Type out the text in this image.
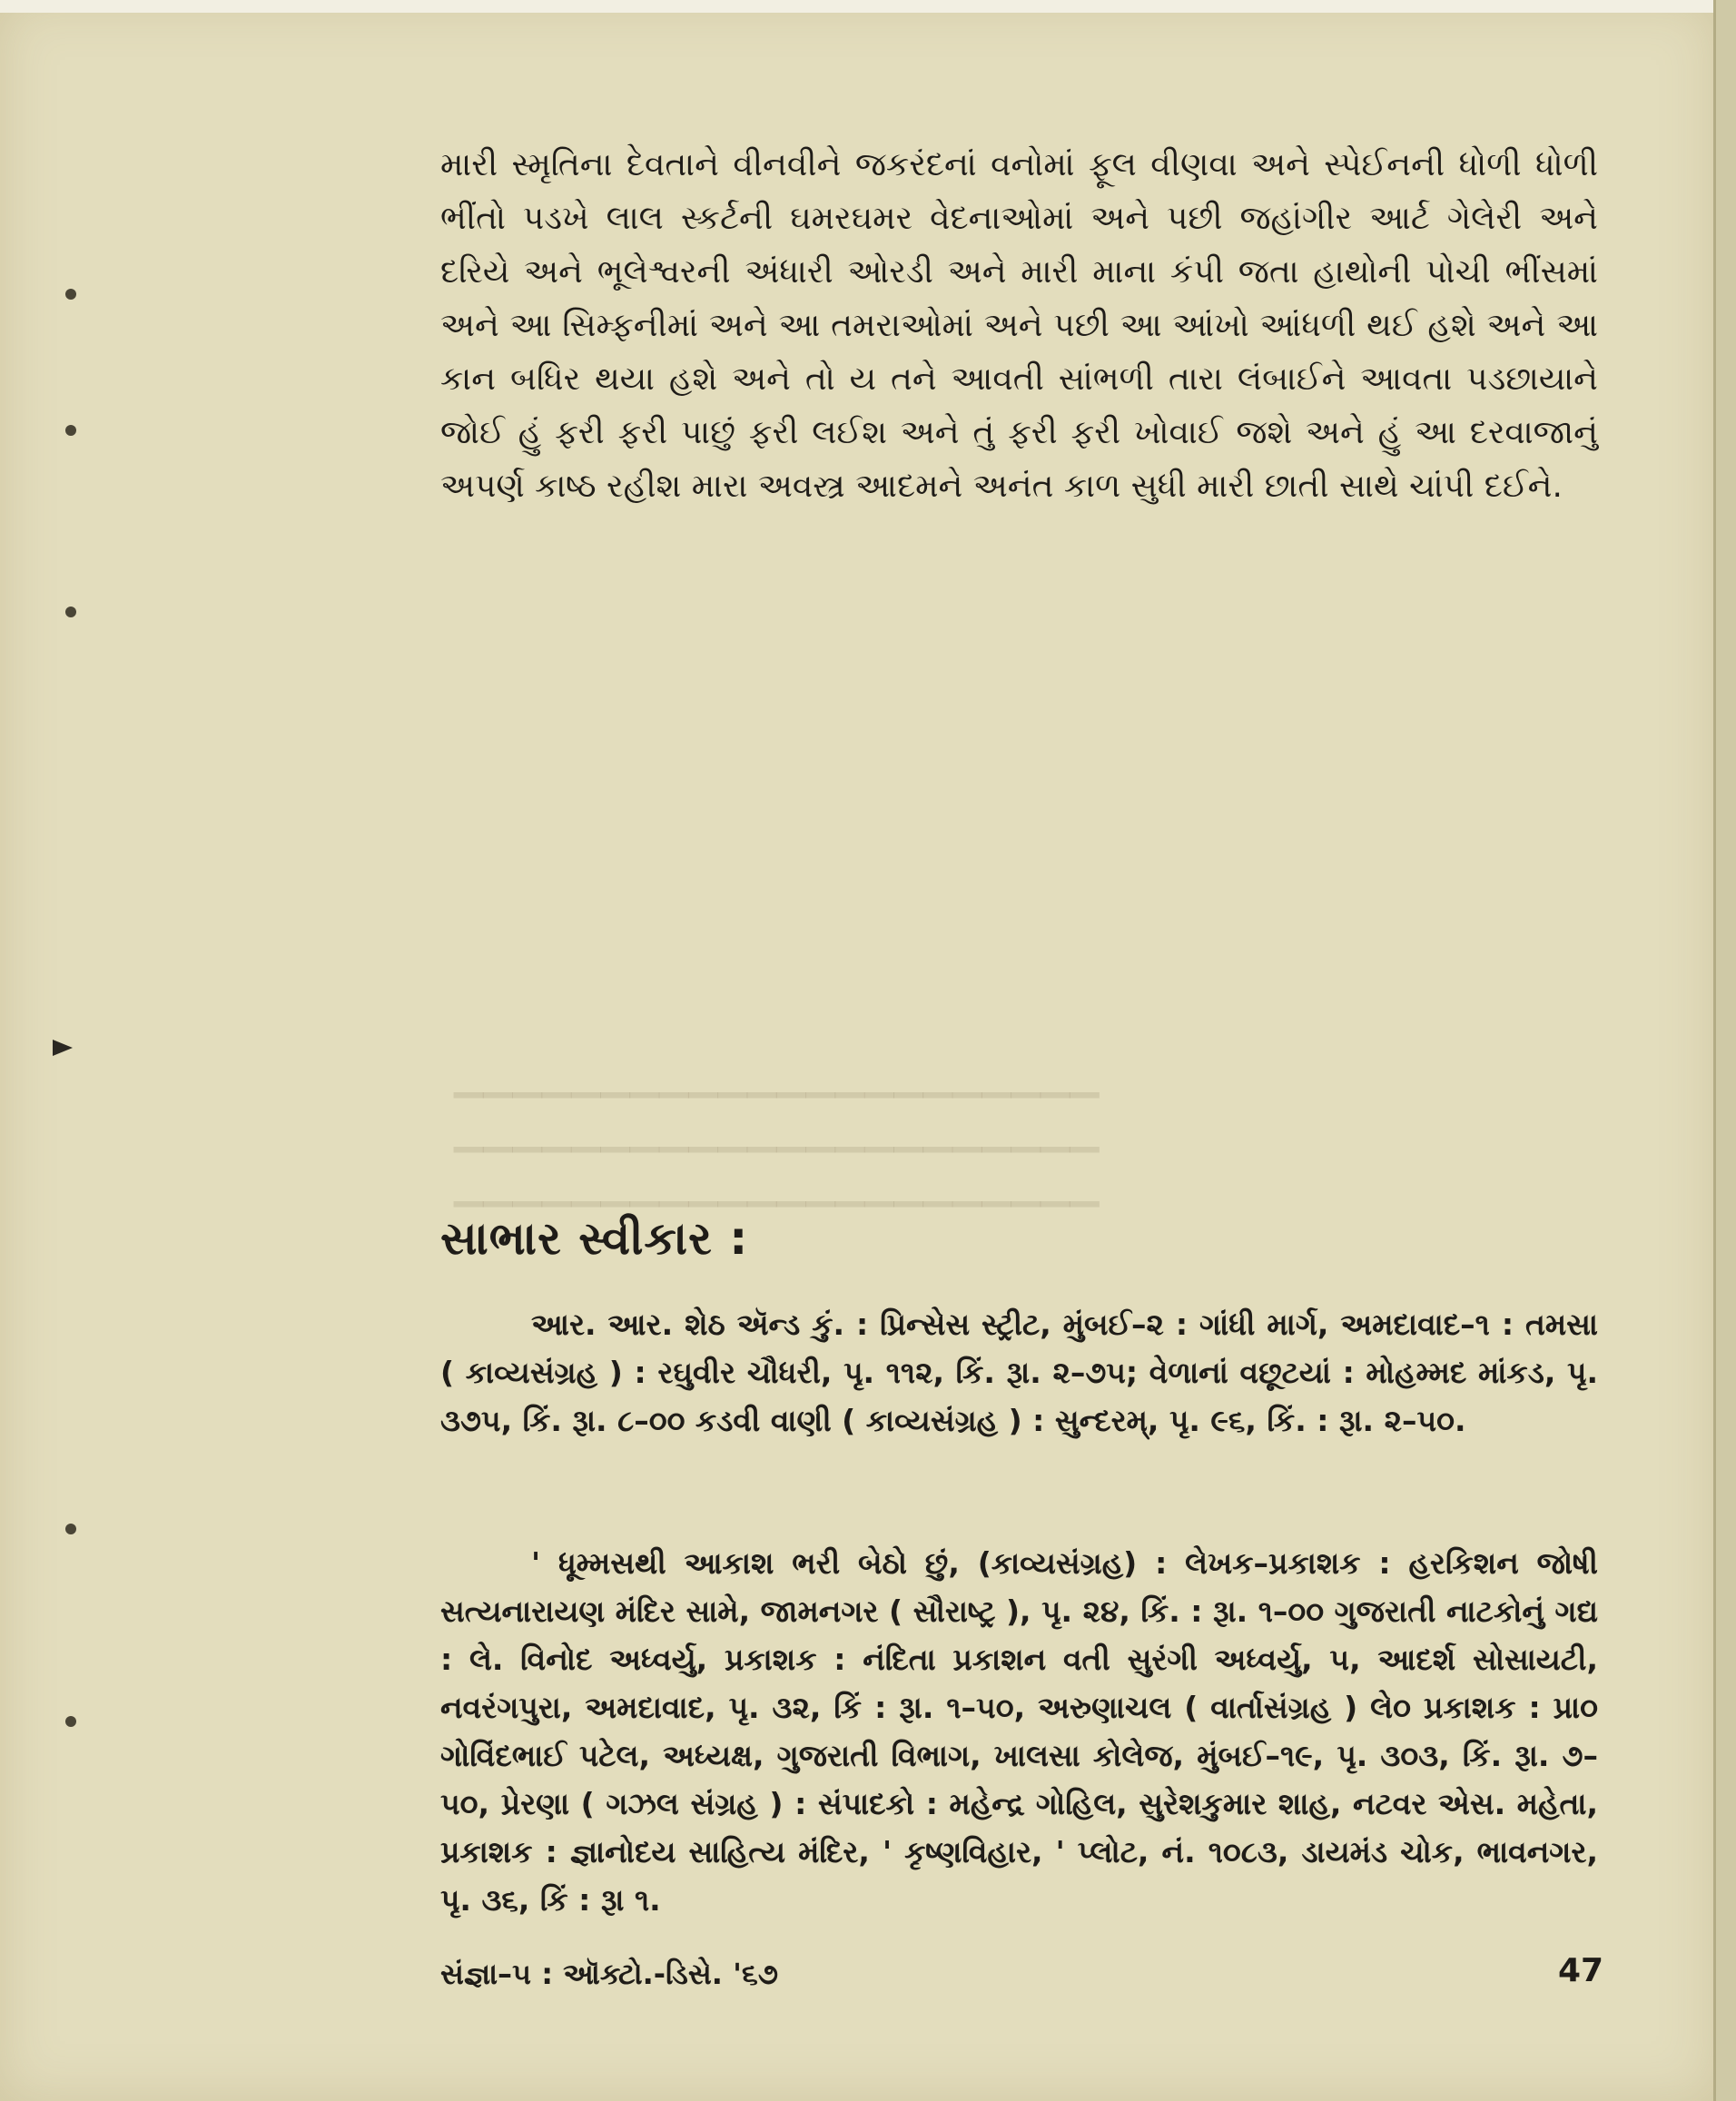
▁▁▁▁▁▁▁▁▁▁▁▁▁▁▁▁▁▁▁▁▁▁
▁▁▁▁▁▁▁▁▁▁▁▁▁▁▁▁▁▁▁▁▁▁
▁▁▁▁▁▁▁▁▁▁▁▁▁▁▁▁▁▁▁▁▁▁

મારી સ્મૃતિના દેવતાને વીનવીને જકરંદનાં વનોમાં ફૂલ વીણવા અને સ્પેઈનની ધોળી ધોળી ભીંતો પડખે લાલ સ્કર્ટની ઘમરઘમર વેદનાઓમાં અને પછી જહાંગીર આર્ટ ગેલેરી અને દરિયે અને ભૂલેશ્વરની અંધારી ઓરડી અને મારી માના કંપી જતા હાથોની પોચી ભીંસમાં અને આ સિમ્ફનીમાં અને આ તમરાઓમાં અને પછી આ આંખો આંધળી થઈ હશે અને આ કાન બધિર થયા હશે અને તો ય તને આવતી સાંભળી તારા લંબાઈને આવતા પડછાયાને જોઈ હું ફરી ફરી પાછું ફરી લઈશ અને તું ફરી ફરી ખોવાઈ જશે અને હું આ દરવાજાનું અપર્ણ કાષ્ઠ રહીશ મારા અવસ્ત્ર આદમને અનંત કાળ સુધી મારી છાતી સાથે ચાંપી દઈને.

સાભાર સ્વીકાર :

આર. આર. શેઠ ઍન્ડ કું. : પ્રિન્સેસ સ્ટ્રીટ, મુંબઈ–૨ : ગાંધી માર્ગ, અમદાવાદ–૧ : તમસા ( કાવ્યસંગ્રહ ) : રઘુવીર ચૌધરી, પૃ. ૧૧૨, કિં. રૂા. ૨–૭૫; વેળાનાં વછૂટયાં : મોહમ્મદ માંકડ, પૃ. ૩૭૫, કિં. રૂા. ૮–૦૦ કડવી વાણી ( કાવ્યસંગ્રહ ) : સુન્દરમ્, પૃ. ૯૬, કિં. : રૂા. ૨–૫૦.

' ધૂમ્મસથી આકાશ ભરી બેઠો છું, (કાવ્યસંગ્રહ) : લેખક–પ્રકાશક : હરકિશન જોષી સત્યનારાયણ મંદિર સામે, જામનગર ( સૌરાષ્ટ્ર ), પૃ. ૨૪, કિં. : રૂા. ૧–૦૦ ગુજરાતી નાટકોનું ગદ્ય : લે. વિનોદ અધ્વર્યુ, પ્રકાશક : નંદિતા પ્રકાશન વતી સુરંગી અધ્વર્યુ, ૫, આદર્શ સોસાયટી, નવરંગપુરા, અમદાવાદ, પૃ. ૩૨, કિં : રૂા. ૧–૫૦, અરુણાચલ ( વાર્તાસંગ્રહ ) લે૦ પ્રકાશક : પ્રા૦ ગોવિંદભાઈ પટેલ, અધ્યક્ષ, ગુજરાતી વિભાગ, ખાલસા કોલેજ, મુંબઈ–૧૯, પૃ. ૩૦૩, કિં. રૂા. ૭–૫૦, પ્રેરણા ( ગઝલ સંગ્રહ ) : સંપાદકો : મહેન્દ્ર ગોહિલ, સુરેશકુમાર શાહ, નટવર એસ. મહેતા, પ્રકાશક : જ્ઞાનોદય સાહિત્ય મંદિર, ' કૃષ્ણવિહાર, ' પ્લોટ, નં. ૧૦૮૩, ડાયમંડ ચોક, ભાવનગર, પૃ. ૩૬, કિં : રૂા ૧.

સંજ્ઞા–૫ : ઑક્ટો.-ડિસે. '૬૭	47
